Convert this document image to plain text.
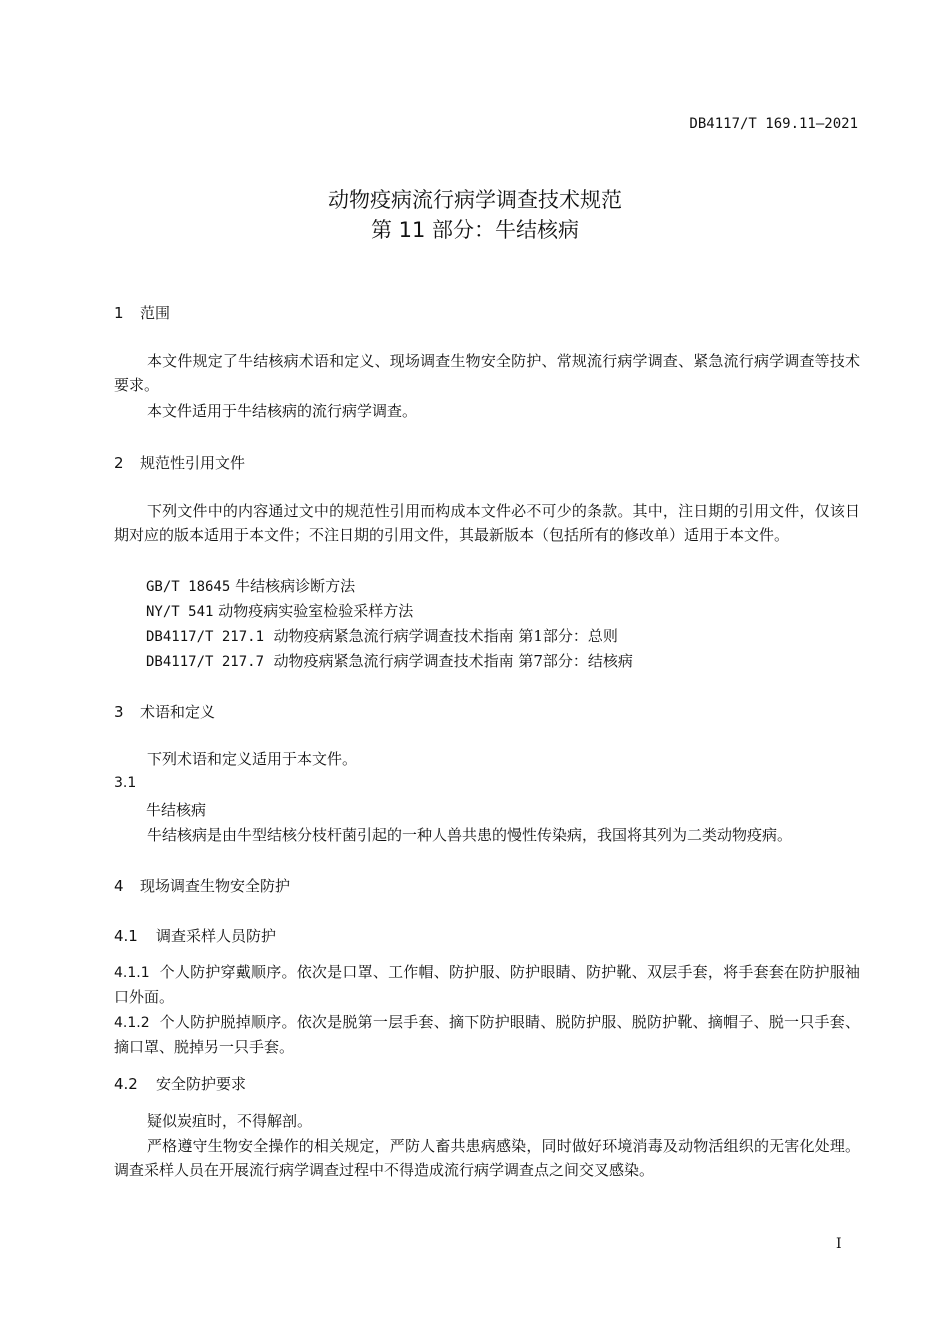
DB4117/T 169.11—2021
动物疫病流行病学调查技术规范
第 11 部分：牛结核病
1 范围
本文件规定了牛结核病术语和定义、现场调查生物安全防护、常规流行病学调查、紧急流行病学调查等技术要求。
本文件适用于牛结核病的流行病学调查。
2 规范性引用文件
下列文件中的内容通过文中的规范性引用而构成本文件必不可少的条款。其中，注日期的引用文件，仅该日期对应的版本适用于本文件；不注日期的引用文件，其最新版本（包括所有的修改单）适用于本文件。
GB/T 18645 牛结核病诊断方法
NY/T 541 动物疫病实验室检验采样方法
DB4117/T 217.1 动物疫病紧急流行病学调查技术指南 第1部分：总则
DB4117/T 217.7 动物疫病紧急流行病学调查技术指南 第7部分：结核病
3 术语和定义
下列术语和定义适用于本文件。
3.1
牛结核病
牛结核病是由牛型结核分枝杆菌引起的一种人兽共患的慢性传染病，我国将其列为二类动物疫病。
4 现场调查生物安全防护
4.1 调查采样人员防护
4.1.1 个人防护穿戴顺序。依次是口罩、工作帽、防护服、防护眼睛、防护靴、双层手套，将手套套在防护服袖口外面。
4.1.2 个人防护脱掉顺序。依次是脱第一层手套、摘下防护眼睛、脱防护服、脱防护靴、摘帽子、脱一只手套、摘口罩、脱掉另一只手套。
4.2 安全防护要求
疑似炭疽时，不得解剖。
严格遵守生物安全操作的相关规定，严防人畜共患病感染，同时做好环境消毒及动物活组织的无害化处理。调查采样人员在开展流行病学调查过程中不得造成流行病学调查点之间交叉感染。
I
